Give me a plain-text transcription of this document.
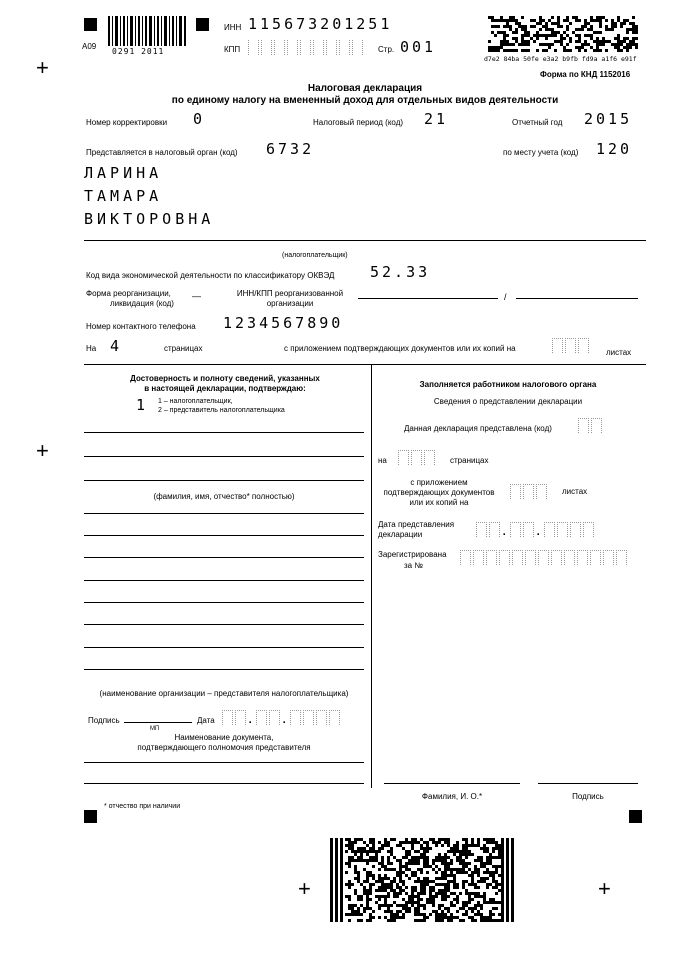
+
+
+	+
А09
0291 2011
ИНН 115673201251
КПП	Стр. 001
d7e2 84ba 50fe e3a2 b9fb fd9a a1f6 e91f
Форма по КНД 1152016
Налоговая декларация
по единому налогу на вмененный доход для отдельных видов деятельности
Номер корректировки 0	Налоговый период (код) 21	Отчетный год 2015
Представляется в налоговый орган (код) 6732	по месту учета (код) 120
ЛАРИНА
ТАМАРА
ВИКТОРОВНА
(налогоплательщик)
Код вида экономической деятельности по классификатору ОКВЭД 52.33
Форма реорганизации,
ликвидация (код)
—	ИНН/КПП реорганизованной
организации
/
Номер контактного телефона 1234567890
На 4	страницах	с приложением подтверждающих документов или их копий на	листах
Достоверность и полноту сведений, указанных
в настоящей декларации, подтверждаю:
1 1 – налогоплательщик,
2 – представитель налогоплательщика
(фамилия, имя, отчество* полностью)
(наименование организации – представителя налогоплательщика)
Подпись
МП
Дата . .
Наименование документа,
подтверждающего полномочия представителя
* отчество при наличии
Заполняется работником налогового органа
Сведения о представлении декларации
Данная декларация представлена (код)
на	страницах
с приложением
подтверждающих документов
или их копий на
листах
Дата представления
декларации	. .
Зарегистрирована
за №
Фамилия, И. О.*	Подпись
